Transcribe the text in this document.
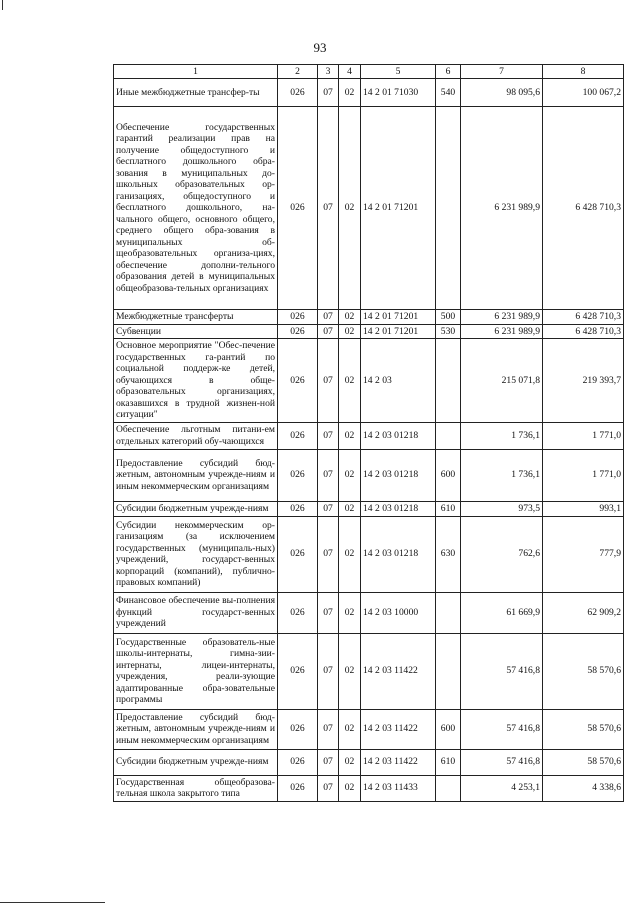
93
1	2	3	4	5	6	7	8
Иные межбюджетные трансфер-ты	026	07	02	14 2 01 71030	540	98 095,6	100 067,2
Обеспечение государственных гарантий реализации прав на получение общедоступного и бесплатного дошкольного обра-зования в муниципальных до-школьных образовательных ор-ганизациях, общедоступного и бесплатного дошкольного, на-чального общего, основного общего, среднего общего обра-зования в муниципальных об-щеобразовательных организа-циях, обеспечение дополни-тельного образования детей в муниципальных общеобразова-тельных организациях	026	07	02	14 2 01 71201		6 231 989,9	6 428 710,3
Межбюджетные трансферты	026	07	02	14 2 01 71201	500	6 231 989,9	6 428 710,3
Субвенции	026	07	02	14 2 01 71201	530	6 231 989,9	6 428 710,3
Основное мероприятие "Обес-печение государственных га-рантий по социальной поддерж-ке детей, обучающихся в обще-образовательных организациях, оказавшихся в трудной жизнен-ной ситуации"	026	07	02	14 2 03		215 071,8	219 393,7
Обеспечение льготным питани-ем отдельных категорий обу-чающихся	026	07	02	14 2 03 01218		1 736,1	1 771,0
Предоставление субсидий бюд-жетным, автономным учрежде-ниям и иным некоммерческим организациям	026	07	02	14 2 03 01218	600	1 736,1	1 771,0
Субсидии бюджетным учрежде-ниям	026	07	02	14 2 03 01218	610	973,5	993,1
Субсидии некоммерческим ор-ганизациям (за исключением государственных (муниципаль-ных) учреждений, государст-венных корпораций (компаний), публично-правовых компаний)	026	07	02	14 2 03 01218	630	762,6	777,9
Финансовое обеспечение вы-полнения функций государст-венных учреждений	026	07	02	14 2 03 10000		61 669,9	62 909,2
Государственные образователь-ные школы-интернаты, гимна-зии-интернаты, лицеи-интернаты, учреждения, реали-зующие адаптированные обра-зовательные программы	026	07	02	14 2 03 11422		57 416,8	58 570,6
Предоставление субсидий бюд-жетным, автономным учрежде-ниям и иным некоммерческим организациям	026	07	02	14 2 03 11422	600	57 416,8	58 570,6
Субсидии бюджетным учрежде-ниям	026	07	02	14 2 03 11422	610	57 416,8	58 570,6
Государственная общеобразова-тельная школа закрытого типа	026	07	02	14 2 03 11433		4 253,1	4 338,6
